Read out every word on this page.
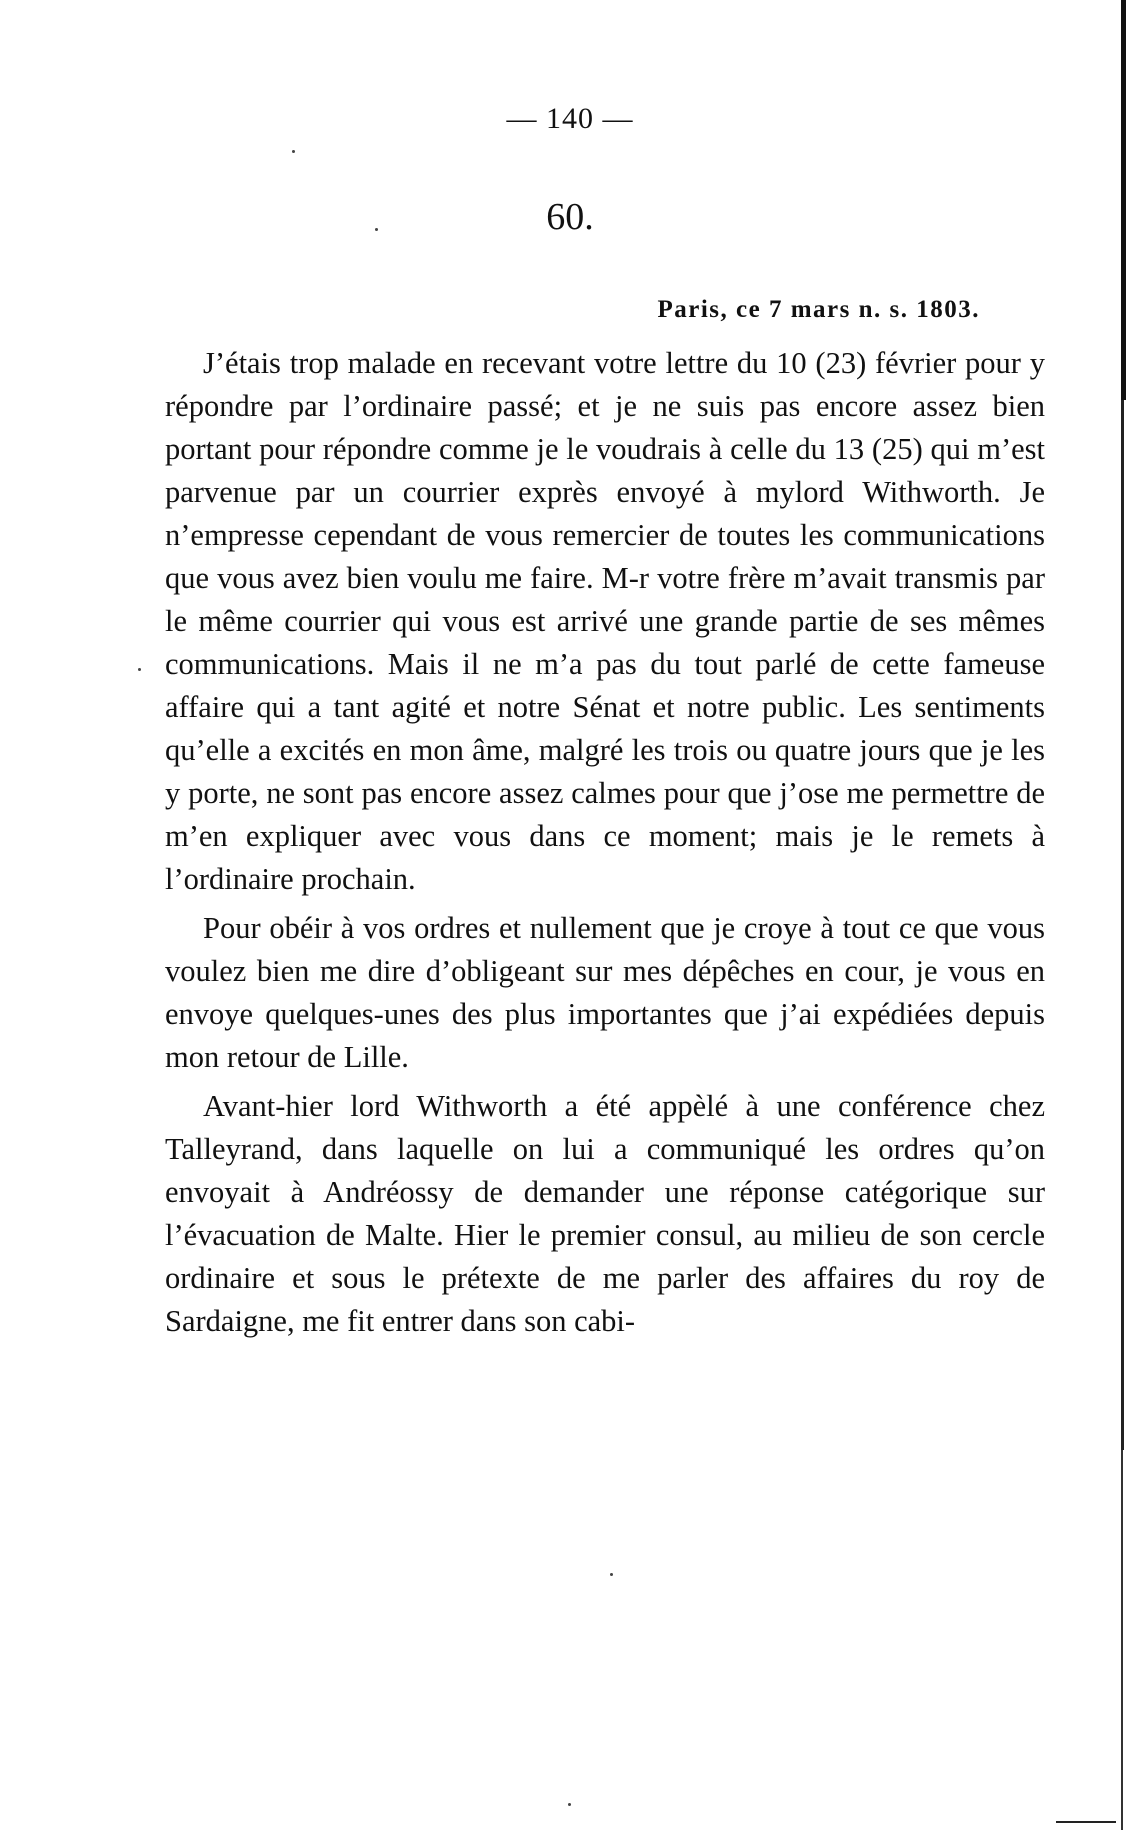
— 140 —
60.
Paris, ce 7 mars n. s. 1803.

J’étais trop malade en recevant votre lettre du 10 (23) février pour y répondre par l’ordinaire passé; et je ne suis pas encore assez bien portant pour répondre comme je le voudrais à celle du 13 (25) qui m’est parvenue par un courrier exprès envoyé à mylord Withworth. Je n’empresse cependant de vous remercier de toutes les communications que vous avez bien voulu me faire. M-r votre frère m’avait transmis par le même courrier qui vous est arrivé une grande partie de ses mêmes communications. Mais il ne m’a pas du tout parlé de cette fameuse affaire qui a tant agité et notre Sénat et notre public. Les sentiments qu’elle a excités en mon âme, malgré les trois ou quatre jours que je les y porte, ne sont pas encore assez calmes pour que j’ose me permettre de m’en expliquer avec vous dans ce moment; mais je le remets à l’ordinaire prochain.

Pour obéir à vos ordres et nullement que je croye à tout ce que vous voulez bien me dire d’obligeant sur mes dépêches en cour, je vous en envoye quelques-unes des plus importantes que j’ai expédiées depuis mon retour de Lille.

Avant-hier lord Withworth a été appèlé à une conférence chez Talleyrand, dans laquelle on lui a communiqué les ordres qu’on envoyait à Andréossy de demander une réponse catégorique sur l’évacuation de Malte. Hier le premier consul, au milieu de son cercle ordinaire et sous le prétexte de me parler des affaires du roy de Sardaigne, me fit entrer dans son cabi-
